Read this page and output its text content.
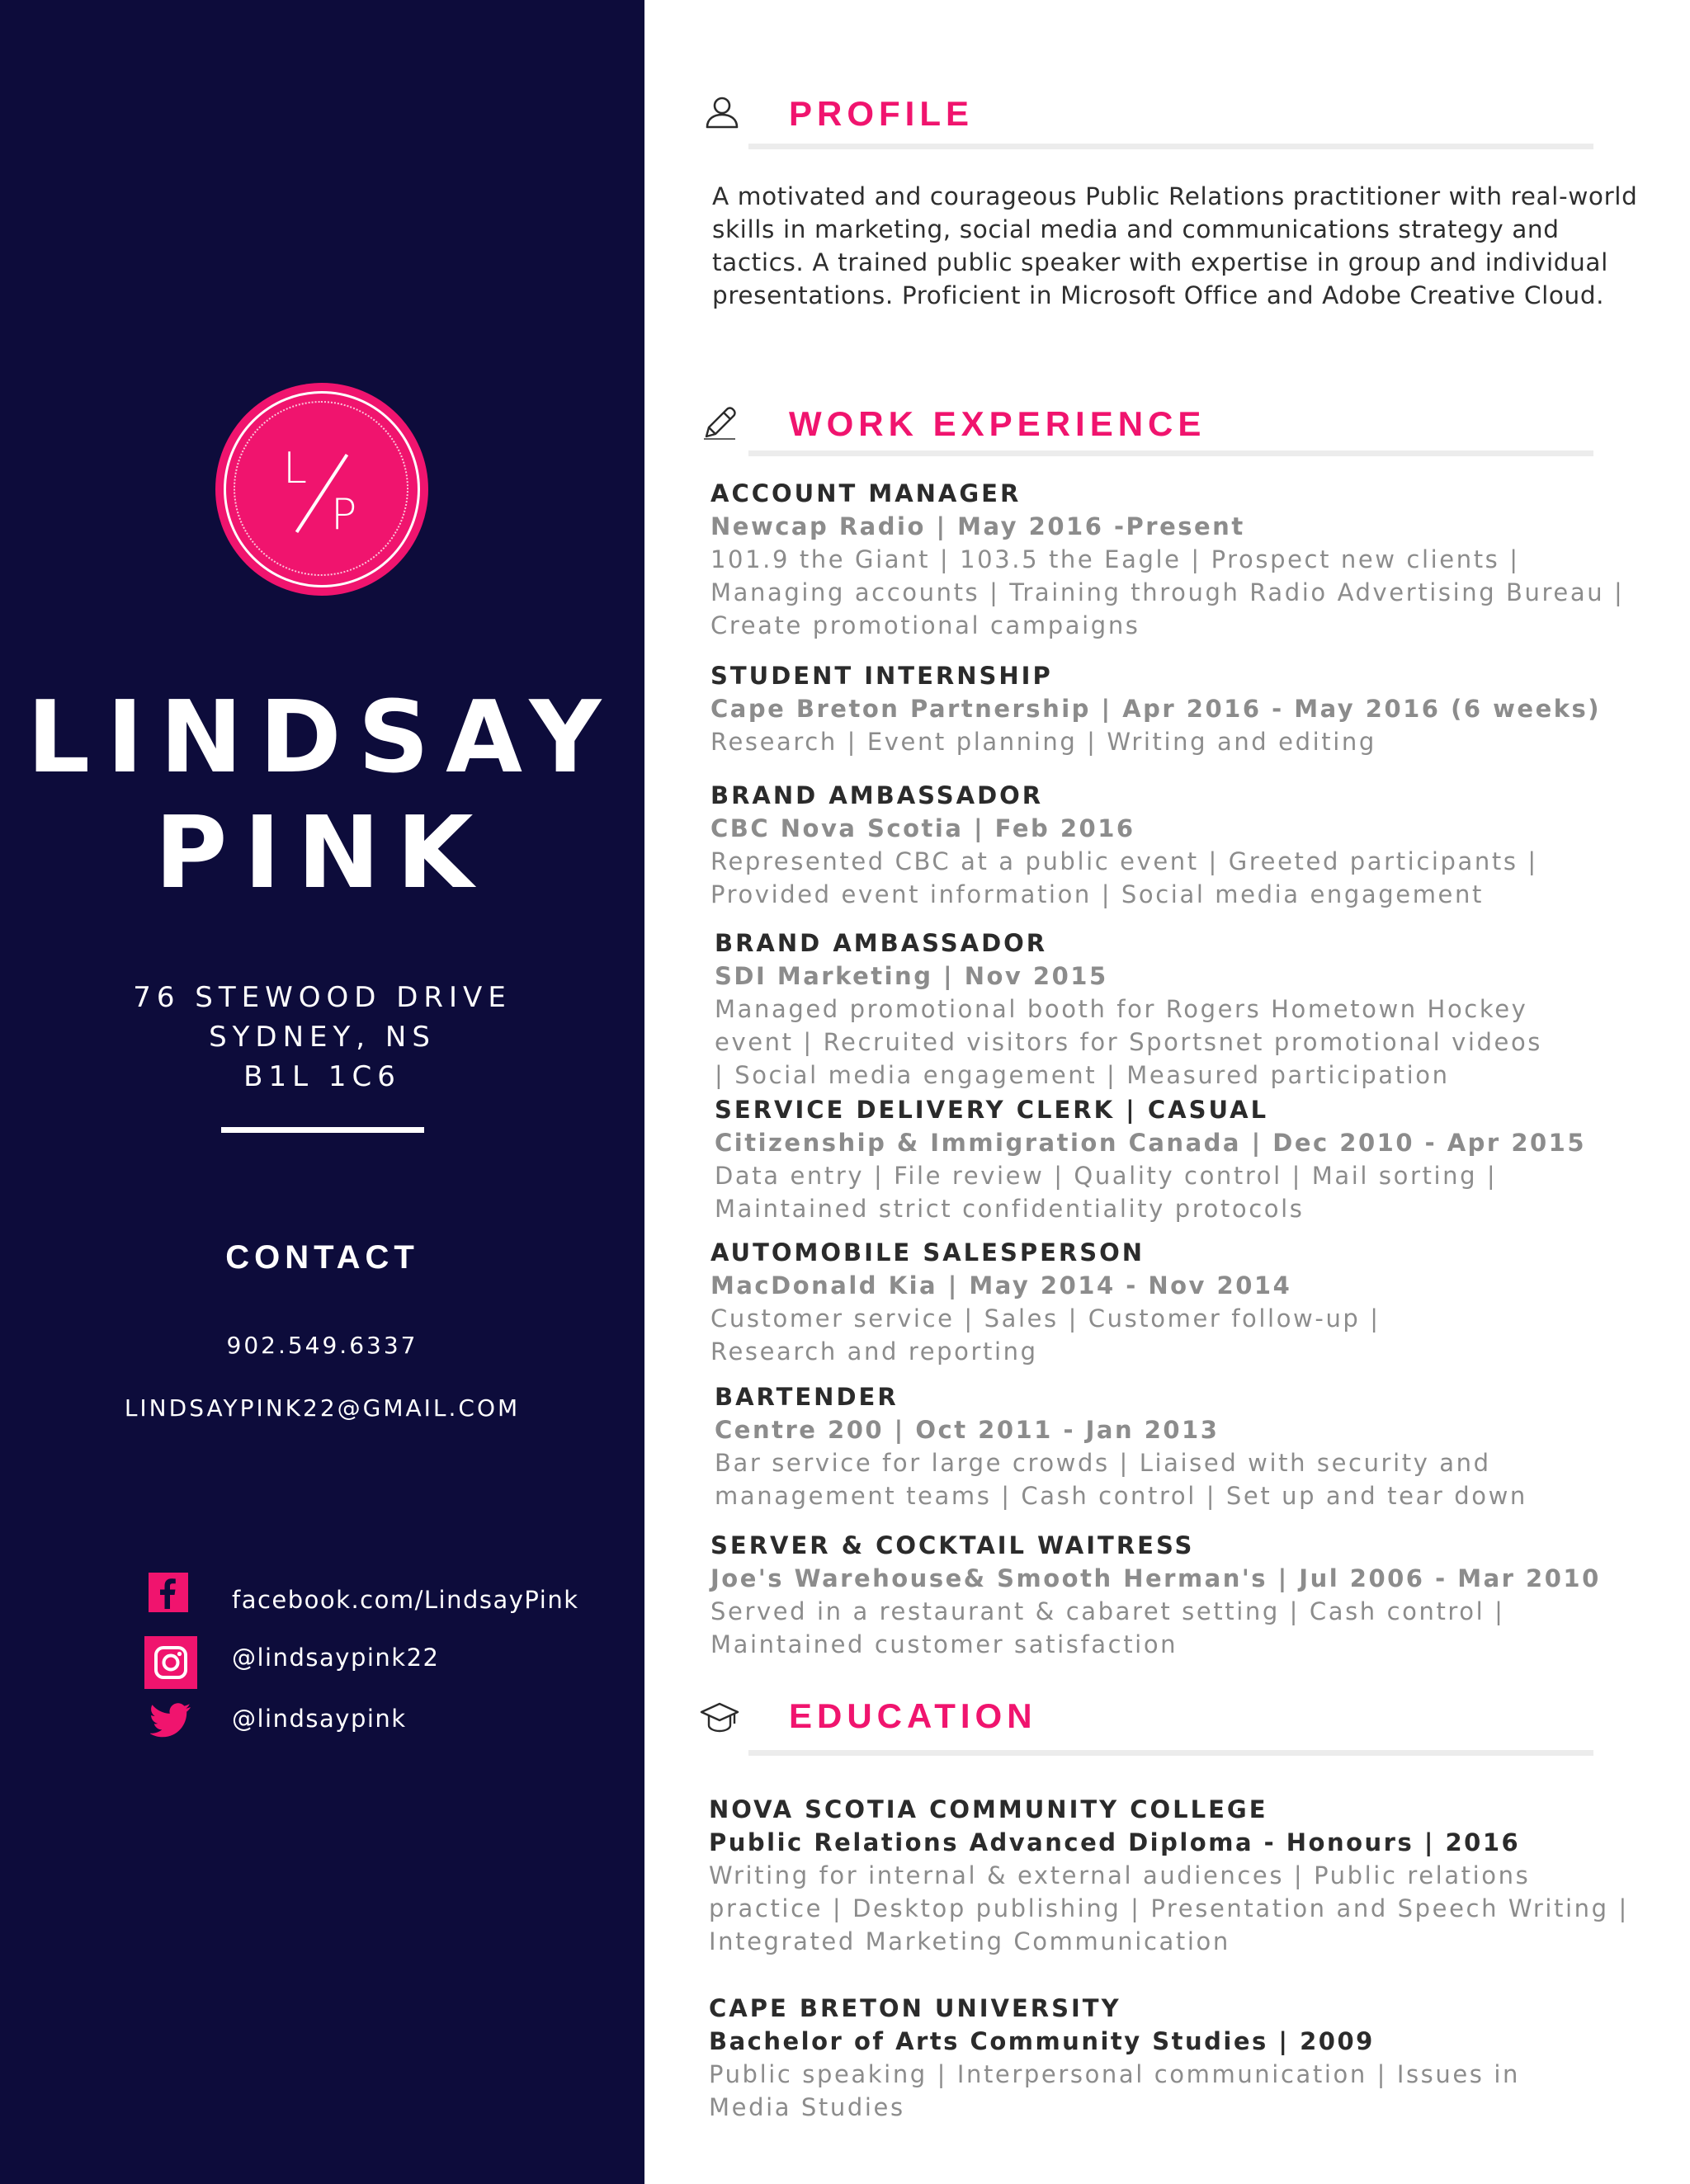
L
P
LINDSAY
PINK
76 STEWOOD DRIVE
SYDNEY, NS
B1L 1C6
CONTACT
902.549.6337
LINDSAYPINK22@GMAIL.COM
facebook.com/LindsayPink
@lindsaypink22
@lindsaypink
PROFILE
A motivated and courageous Public Relations practitioner with real-world skills in marketing, social media and communications strategy and tactics. A trained public speaker with expertise in group and individual presentations. Proficient in Microsoft Office and Adobe Creative Cloud.
WORK EXPERIENCE
ACCOUNT MANAGER
Newcap Radio | May 2016 -Present
101.9 the Giant | 103.5 the Eagle | Prospect new clients | Managing accounts | Training through Radio Advertising Bureau | Create promotional campaigns
STUDENT INTERNSHIP
Cape Breton Partnership | Apr 2016 - May 2016 (6 weeks)
Research | Event planning | Writing and editing
BRAND AMBASSADOR
CBC Nova Scotia | Feb 2016
Represented CBC at a public event | Greeted participants | Provided event information | Social media engagement
BRAND AMBASSADOR
SDI Marketing | Nov 2015
Managed promotional booth for Rogers Hometown Hockey event | Recruited visitors for Sportsnet promotional videos | Social media engagement | Measured participation
SERVICE DELIVERY CLERK | CASUAL
Citizenship & Immigration Canada | Dec 2010 - Apr 2015
Data entry | File review | Quality control | Mail sorting | Maintained strict confidentiality protocols
AUTOMOBILE SALESPERSON
MacDonald Kia | May 2014 - Nov 2014
Customer service | Sales | Customer follow-up | Research and reporting
BARTENDER
Centre 200 | Oct 2011 - Jan 2013
Bar service for large crowds | Liaised with security and management teams | Cash control | Set up and tear down
SERVER & COCKTAIL WAITRESS
Joe's Warehouse& Smooth Herman's | Jul 2006 - Mar 2010
Served in a restaurant & cabaret setting | Cash control | Maintained customer satisfaction
EDUCATION
NOVA SCOTIA COMMUNITY COLLEGE
Public Relations Advanced Diploma - Honours | 2016
Writing for internal & external audiences | Public relations practice | Desktop publishing | Presentation and Speech Writing | Integrated Marketing Communication
CAPE BRETON UNIVERSITY
Bachelor of Arts Community Studies | 2009
Public speaking | Interpersonal communication | Issues in Media Studies
